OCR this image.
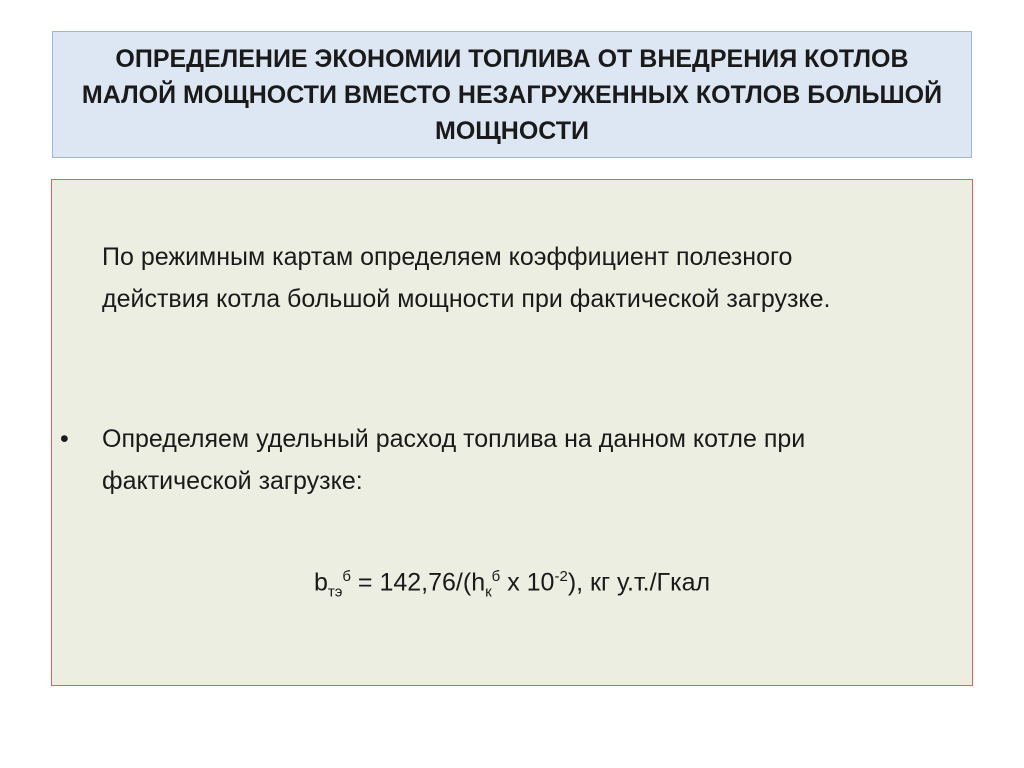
ОПРЕДЕЛЕНИЕ ЭКОНОМИИ ТОПЛИВА ОТ ВНЕДРЕНИЯ КОТЛОВ МАЛОЙ МОЩНОСТИ ВМЕСТО НЕЗАГРУЖЕННЫХ КОТЛОВ БОЛЬШОЙ МОЩНОСТИ

По режимным картам определяем коэффициент полезного действия котла большой мощности при фактической загрузке.

• Определяем удельный расход топлива на данном котле при фактической загрузке:

$b_{тэ}^б = 142,76/(h_к^б$ х $10^{-2}$), кг у.т./Гкал
